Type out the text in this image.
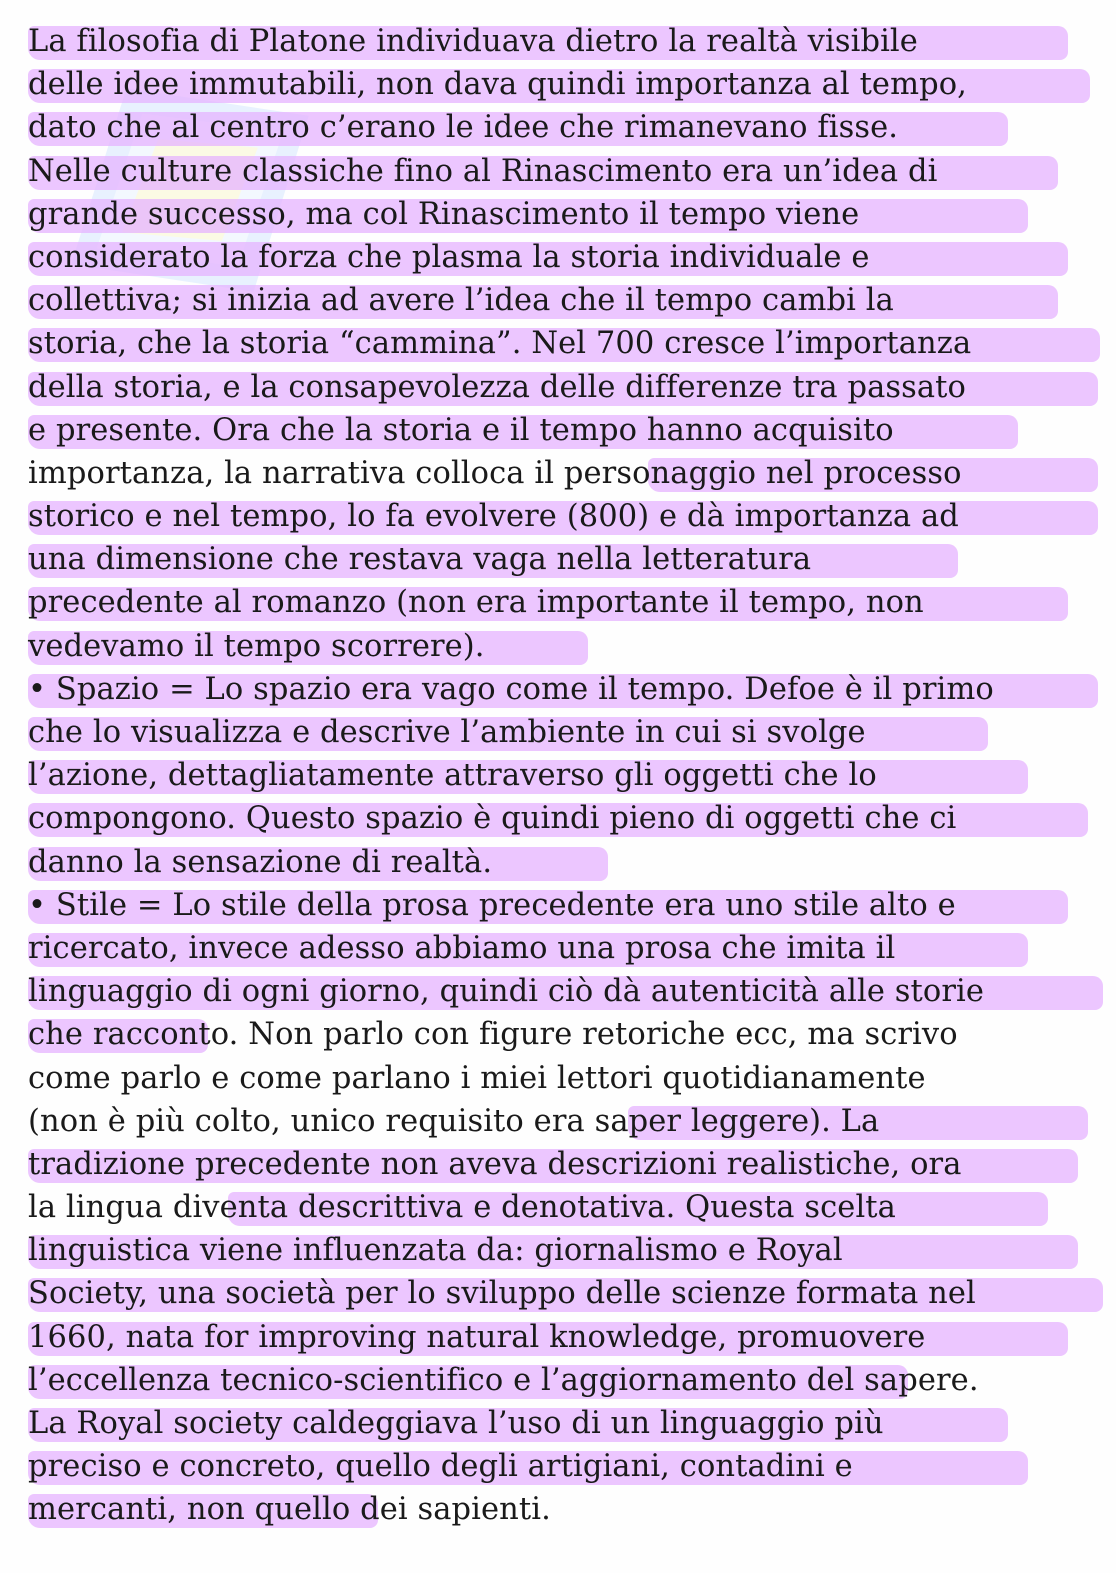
La filosofia di Platone individuava dietro la realtà visibile
delle idee immutabili, non dava quindi importanza al tempo,
dato che al centro c’erano le idee che rimanevano fisse.
Nelle culture classiche fino al Rinascimento era un’idea di
grande successo, ma col Rinascimento il tempo viene
considerato la forza che plasma la storia individuale e
collettiva; si inizia ad avere l’idea che il tempo cambi la
storia, che la storia “cammina”. Nel 700 cresce l’importanza
della storia, e la consapevolezza delle differenze tra passato
e presente. Ora che la storia e il tempo hanno acquisito
importanza, la narrativa colloca il personaggio nel processo
storico e nel tempo, lo fa evolvere (800) e dà importanza ad
una dimensione che restava vaga nella letteratura
precedente al romanzo (non era importante il tempo, non
vedevamo il tempo scorrere).
• Spazio = Lo spazio era vago come il tempo. Defoe è il primo
che lo visualizza e descrive l’ambiente in cui si svolge
l’azione, dettagliatamente attraverso gli oggetti che lo
compongono. Questo spazio è quindi pieno di oggetti che ci
danno la sensazione di realtà.
• Stile = Lo stile della prosa precedente era uno stile alto e
ricercato, invece adesso abbiamo una prosa che imita il
linguaggio di ogni giorno, quindi ciò dà autenticità alle storie
che racconto. Non parlo con figure retoriche ecc, ma scrivo
come parlo e come parlano i miei lettori quotidianamente
(non è più colto, unico requisito era saper leggere). La
tradizione precedente non aveva descrizioni realistiche, ora
la lingua diventa descrittiva e denotativa. Questa scelta
linguistica viene influenzata da: giornalismo e Royal
Society, una società per lo sviluppo delle scienze formata nel
1660, nata for improving natural knowledge, promuovere
l’eccellenza tecnico-scientifico e l’aggiornamento del sapere.
La Royal society caldeggiava l’uso di un linguaggio più
preciso e concreto, quello degli artigiani, contadini e
mercanti, non quello dei sapienti.
